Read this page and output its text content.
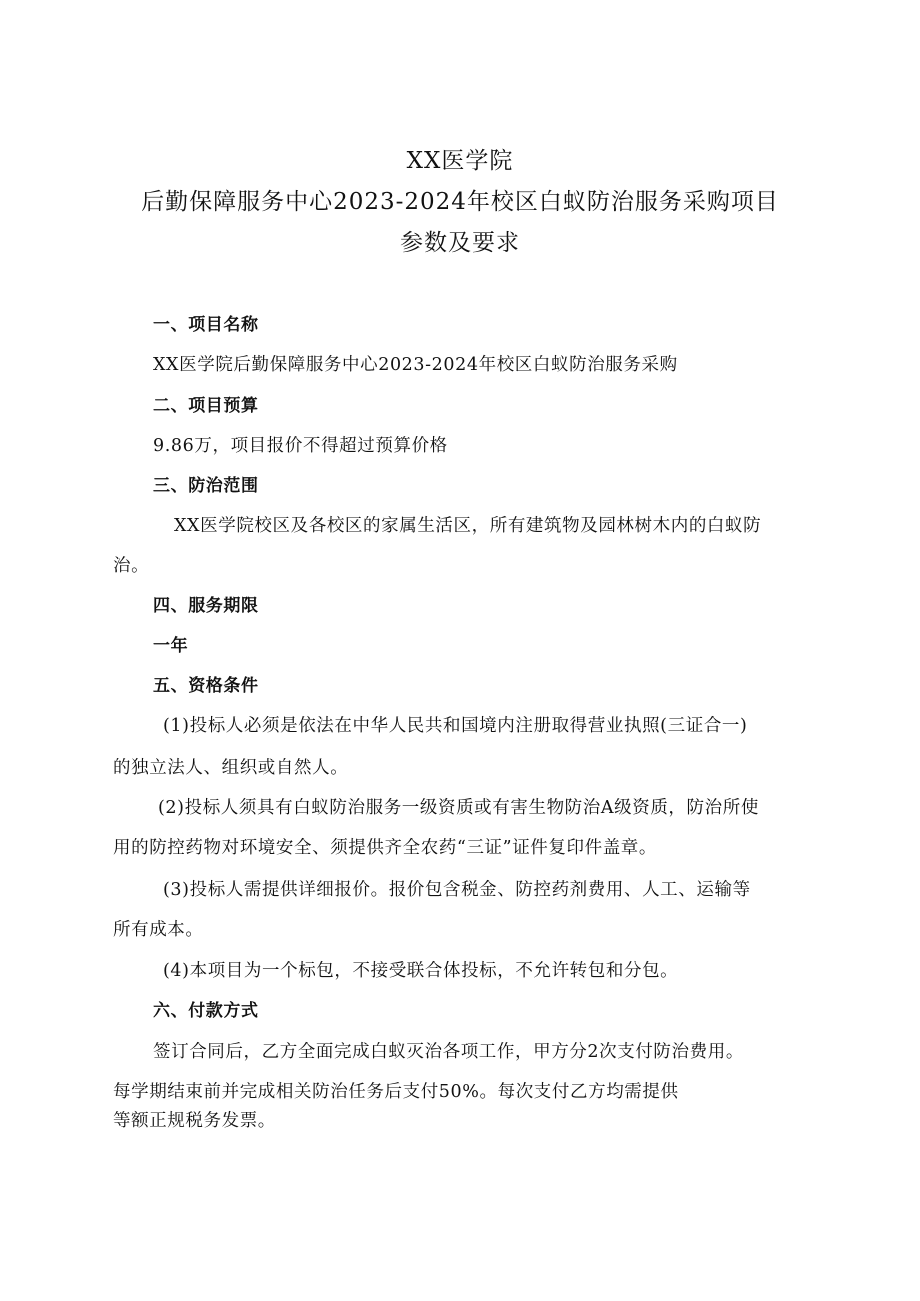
XX医学院
后勤保障服务中心2023-2024年校区白蚁防治服务采购项目
参数及要求
一、项目名称
XX医学院后勤保障服务中心2023-2024年校区白蚁防治服务采购
二、项目预算
9.86万，项目报价不得超过预算价格
三、防治范围
XX医学院校区及各校区的家属生活区，所有建筑物及园林树木内的白蚁防
治。
四、服务期限
一年
五、资格条件
(1)投标人必须是依法在中华人民共和国境内注册取得营业执照(三证合一)
的独立法人、组织或自然人。
(2)投标人须具有白蚁防治服务一级资质或有害生物防治A级资质，防治所使
用的防控药物对环境安全、须提供齐全农药“三证”证件复印件盖章。
(3)投标人需提供详细报价。报价包含税金、防控药剂费用、人工、运输等
所有成本。
(4)本项目为一个标包，不接受联合体投标，不允许转包和分包。
六、付款方式
签订合同后，乙方全面完成白蚁灭治各项工作，甲方分2次支付防治费用。
每学期结束前并完成相关防治任务后支付50%。每次支付乙方均需提供
等额正规税务发票。
